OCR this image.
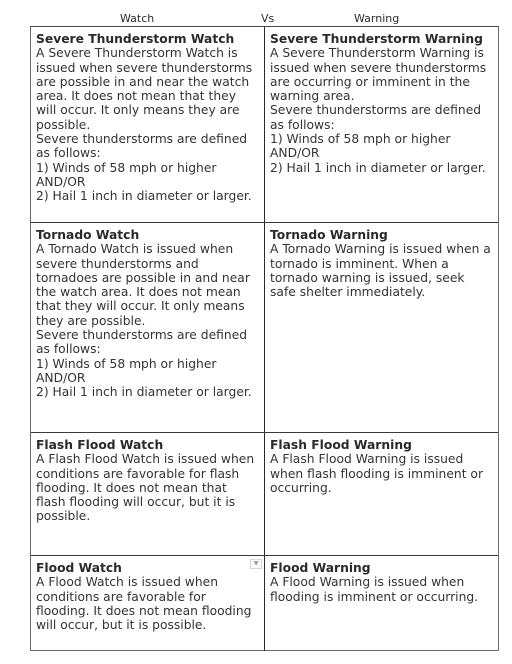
Watch	Vs	Warning
Severe Thunderstorm Watch
A Severe Thunderstorm Watch is issued when severe thunderstorms are possible in and near the watch area. It does not mean that they will occur. It only means they are possible.
Severe thunderstorms are defined as follows:
1) Winds of 58 mph or higher
AND/OR
2) Hail 1 inch in diameter or larger.
Severe Thunderstorm Warning
A Severe Thunderstorm Warning is issued when severe thunderstorms are occurring or imminent in the warning area.
Severe thunderstorms are defined as follows:
1) Winds of 58 mph or higher
AND/OR
2) Hail 1 inch in diameter or larger.
Tornado Watch
A Tornado Watch is issued when severe thunderstorms and tornadoes are possible in and near the watch area. It does not mean that they will occur. It only means they are possible.
Severe thunderstorms are defined as follows:
1) Winds of 58 mph or higher
AND/OR
2) Hail 1 inch in diameter or larger.
Tornado Warning
A Tornado Warning is issued when a tornado is imminent. When a tornado warning is issued, seek safe shelter immediately.
Flash Flood Watch
A Flash Flood Watch is issued when conditions are favorable for flash flooding. It does not mean that flash flooding will occur, but it is possible.
Flash Flood Warning
A Flash Flood Warning is issued when flash flooding is imminent or occurring.
▼
Flood Watch
A Flood Watch is issued when conditions are favorable for flooding. It does not mean flooding will occur, but it is possible.
Flood Warning
A Flood Warning is issued when flooding is imminent or occurring.
